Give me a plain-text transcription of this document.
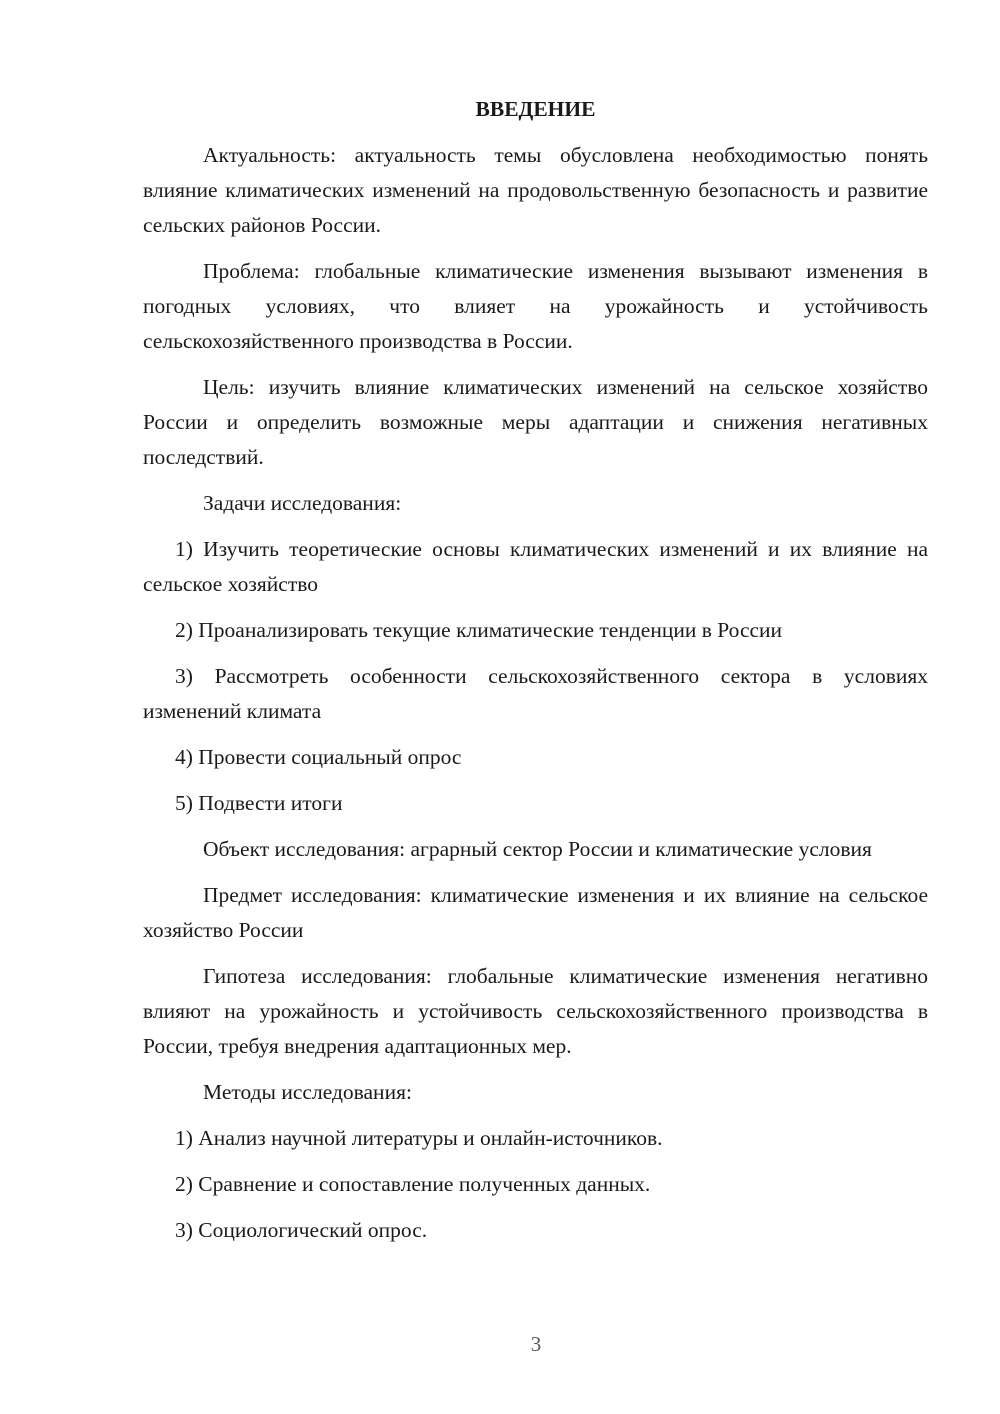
ВВЕДЕНИЕ

Актуальность: актуальность темы обусловлена необходимостью понять влияние климатических изменений на продовольственную безопасность и развитие сельских районов России.

Проблема: глобальные климатические изменения вызывают изменения в погодных условиях, что влияет на урожайность и устойчивость сельскохозяйственного производства в России.

Цель: изучить влияние климатических изменений на сельское хозяйство России и определить возможные меры адаптации и снижения негативных последствий.

Задачи исследования:

1) Изучить теоретические основы климатических изменений и их влияние на сельское хозяйство

2) Проанализировать текущие климатические тенденции в России

3) Рассмотреть особенности сельскохозяйственного сектора в условиях изменений климата

4) Провести социальный опрос

5) Подвести итоги

Объект исследования: аграрный сектор России и климатические условия

Предмет исследования: климатические изменения и их влияние на сельское хозяйство России

Гипотеза исследования: глобальные климатические изменения негативно влияют на урожайность и устойчивость сельскохозяйственного производства в России, требуя внедрения адаптационных мер.

Методы исследования:

1) Анализ научной литературы и онлайн-источников.

2) Сравнение и сопоставление полученных данных.

3) Социологический опрос.

3
